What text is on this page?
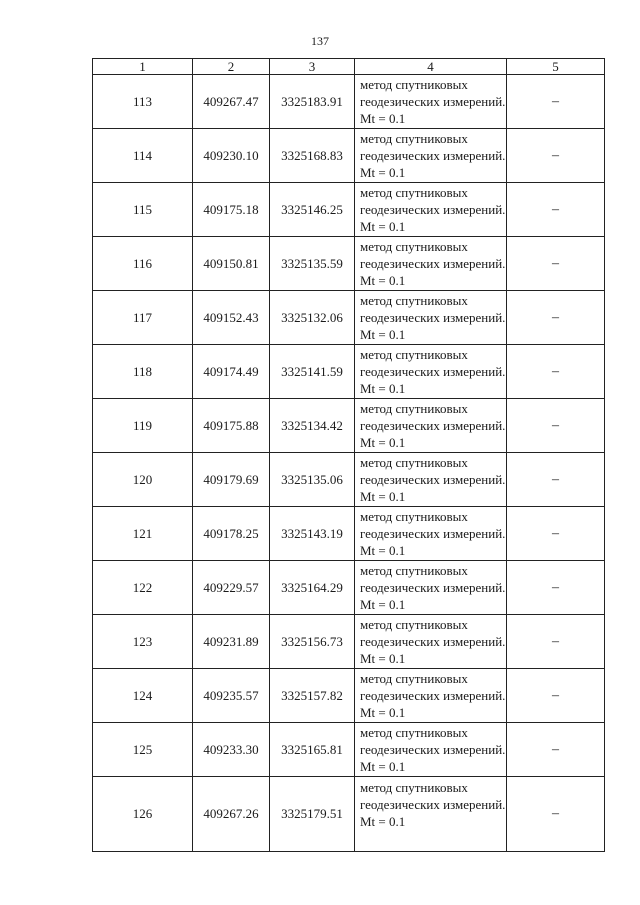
137
1	2	3	4	5
113	409267.47	3325183.91	метод спутниковых геодезических измерений. Mt = 0.1	–
114	409230.10	3325168.83	метод спутниковых геодезических измерений. Mt = 0.1	–
115	409175.18	3325146.25	метод спутниковых геодезических измерений. Mt = 0.1	–
116	409150.81	3325135.59	метод спутниковых геодезических измерений. Mt = 0.1	–
117	409152.43	3325132.06	метод спутниковых геодезических измерений. Mt = 0.1	–
118	409174.49	3325141.59	метод спутниковых геодезических измерений. Mt = 0.1	–
119	409175.88	3325134.42	метод спутниковых геодезических измерений. Mt = 0.1	–
120	409179.69	3325135.06	метод спутниковых геодезических измерений. Mt = 0.1	–
121	409178.25	3325143.19	метод спутниковых геодезических измерений. Mt = 0.1	–
122	409229.57	3325164.29	метод спутниковых геодезических измерений. Mt = 0.1	–
123	409231.89	3325156.73	метод спутниковых геодезических измерений. Mt = 0.1	–
124	409235.57	3325157.82	метод спутниковых геодезических измерений. Mt = 0.1	–
125	409233.30	3325165.81	метод спутниковых геодезических измерений. Mt = 0.1	–
126	409267.26	3325179.51	метод спутниковых геодезических измерений. Mt = 0.1	–
